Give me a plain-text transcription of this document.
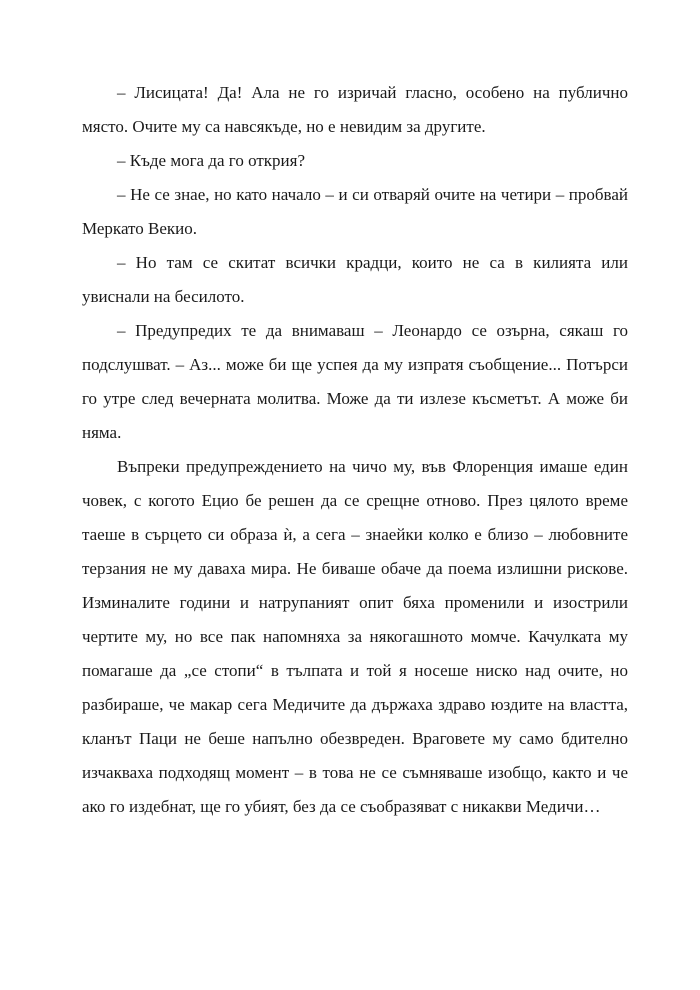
– Лисицата! Да! Ала не го изричай гласно, особено на публично място. Очите му са навсякъде, но е невидим за другите.

– Къде мога да го открия?

– Не се знае, но като начало – и си отваряй очите на четири – пробвай Меркато Векио.

– Но там се скитат всички крадци, които не са в килията или увиснали на бесилото.

– Предупредих те да внимаваш – Леонардо се озърна, сякаш го подслушват. – Аз... може би ще успея да му изпратя съобщение... Потърси го утре след вечерната молитва. Може да ти излезе късметът. А може би няма.

Въпреки предупреждението на чичо му, във Флоренция имаше един човек, с когото Ецио бе решен да се срещне отново. През цялото време таеше в сърцето си образа ѝ, а сега – знаейки колко е близо – любовните терзания не му даваха мира. Не биваше обаче да поема излишни рискове. Изминалите години и натрупаният опит бяха променили и изострили чертите му, но все пак напомняха за някогашното момче. Качулката му помагаше да „се стопи“ в тълпата и той я носеше ниско над очите, но разбираше, че макар сега Медичите да държаха здраво юздите на властта, кланът Паци не беше напълно обезвреден. Враговете му само бдително изчакваха подходящ момент – в това не се съмняваше изобщо, както и че ако го издебнат, ще го убият, без да се съобразяват с никакви Медичи…
